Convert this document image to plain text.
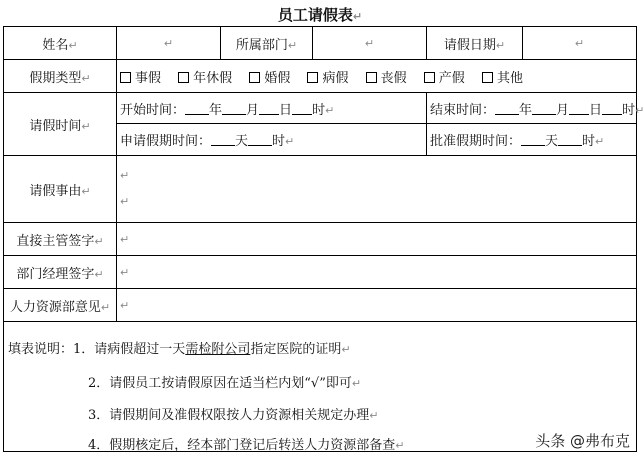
员工请假表↵
姓名↵	↵	所属部门↵	↵	请假日期↵	↵
假期类型↵	事假 年休假 婚假 病假 丧假 产假 其他				
请假时间↵	开始时间： 年 月 日 时↵			结束时间： 年 月 日 时↵	
	申请假期时间： 天 时↵			批准假期时间： 天 时↵	
请假事由↵	↵
↵				

直接主管签字↵	↵				
部门经理签字↵	↵				
人力资源部意见↵	↵				

填表说明：1．请病假超过一天需检附公司指定医院的证明↵
2．请假员工按请假原因在适当栏内划“√”即可↵
3．请假期间及准假权限按人力资源相关规定办理↵
4．假期核定后，经本部门登记后转送人力资源部备查↵	头条 @弗布克
